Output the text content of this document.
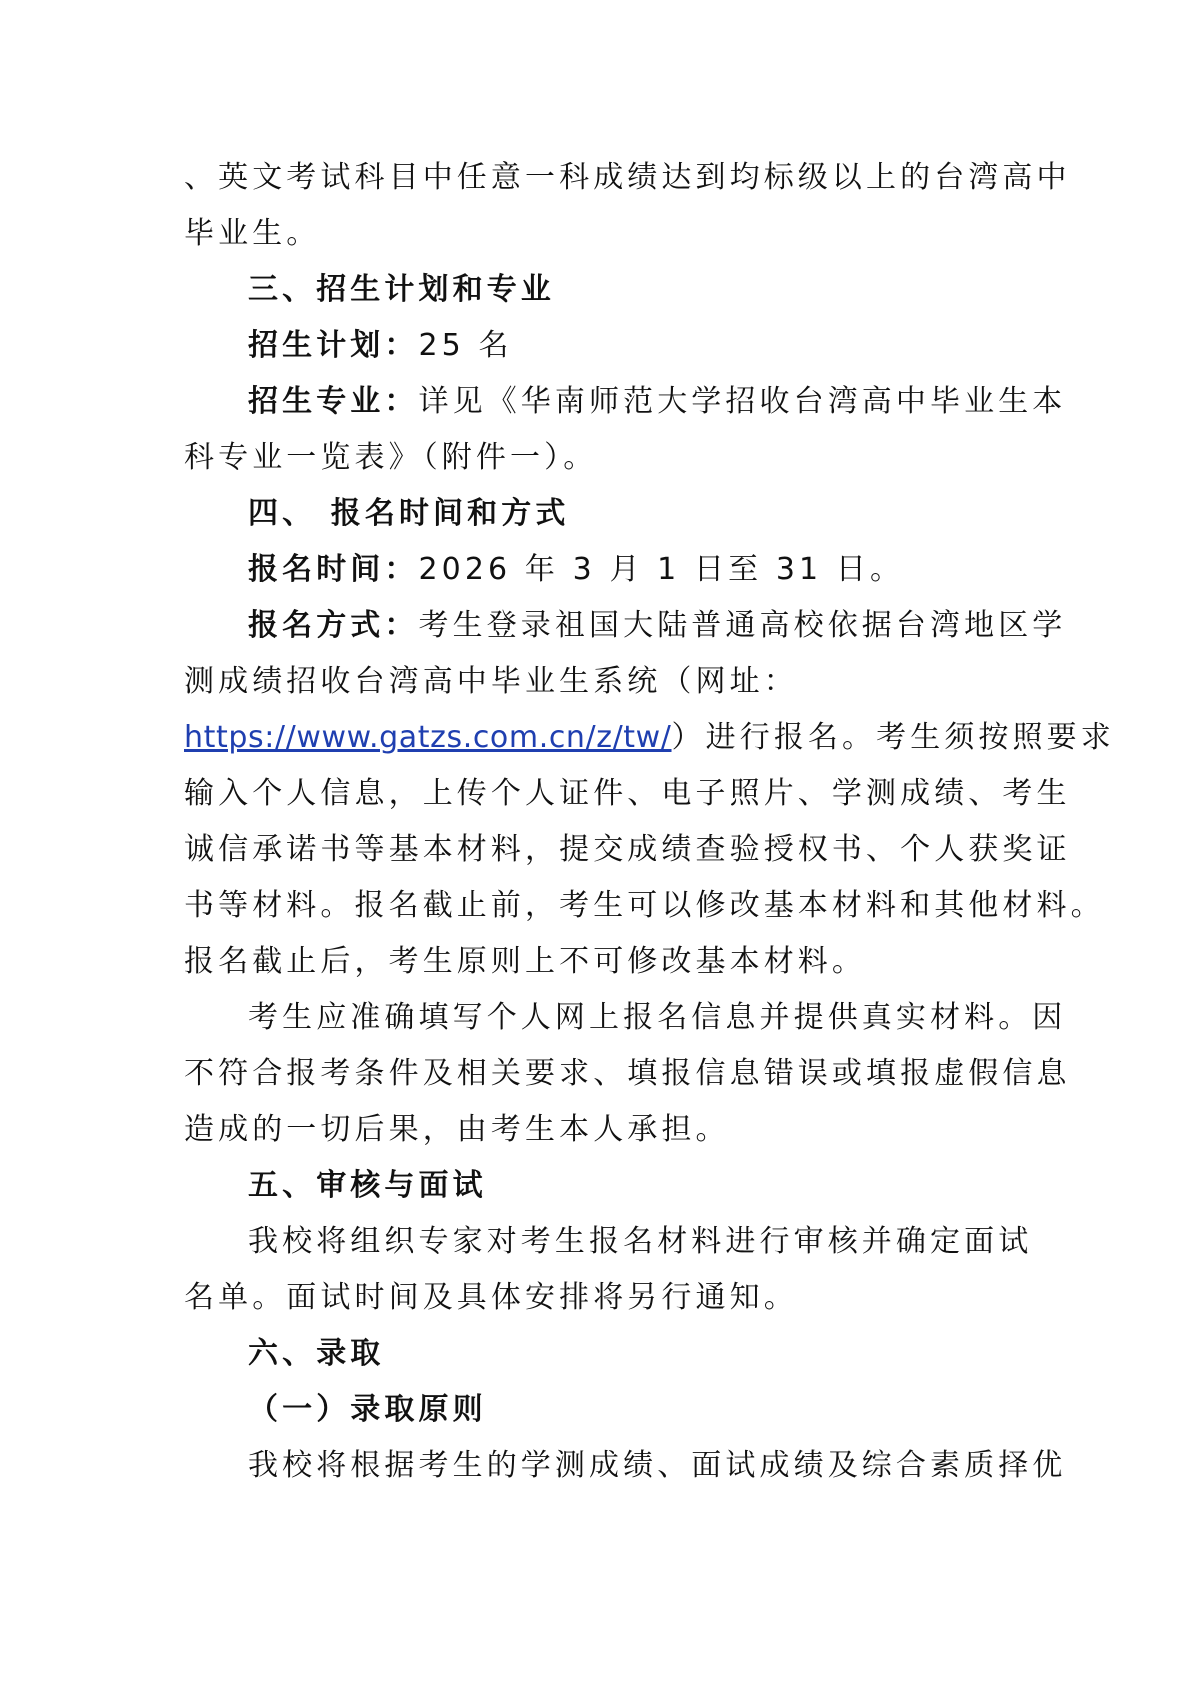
、英文考试科目中任意一科成绩达到均标级以上的台湾高中
毕业生。
三、招生计划和专业
招生计划：25 名
招生专业：详见《华南师范大学招收台湾高中毕业生本
科专业一览表》（附件一）。
四、 报名时间和方式
报名时间：2026 年 3 月 1 日至 31 日。
报名方式：考生登录祖国大陆普通高校依据台湾地区学
测成绩招收台湾高中毕业生系统（网址：
https://www.gatzs.com.cn/z/tw/）进行报名。考生须按照要求
输入个人信息，上传个人证件、电子照片、学测成绩、考生
诚信承诺书等基本材料，提交成绩查验授权书、个人获奖证
书等材料。报名截止前，考生可以修改基本材料和其他材料。
报名截止后，考生原则上不可修改基本材料。
考生应准确填写个人网上报名信息并提供真实材料。因
不符合报考条件及相关要求、填报信息错误或填报虚假信息
造成的一切后果，由考生本人承担。
五、审核与面试
我校将组织专家对考生报名材料进行审核并确定面试
名单。面试时间及具体安排将另行通知。
六、录取
（一）录取原则
我校将根据考生的学测成绩、面试成绩及综合素质择优
